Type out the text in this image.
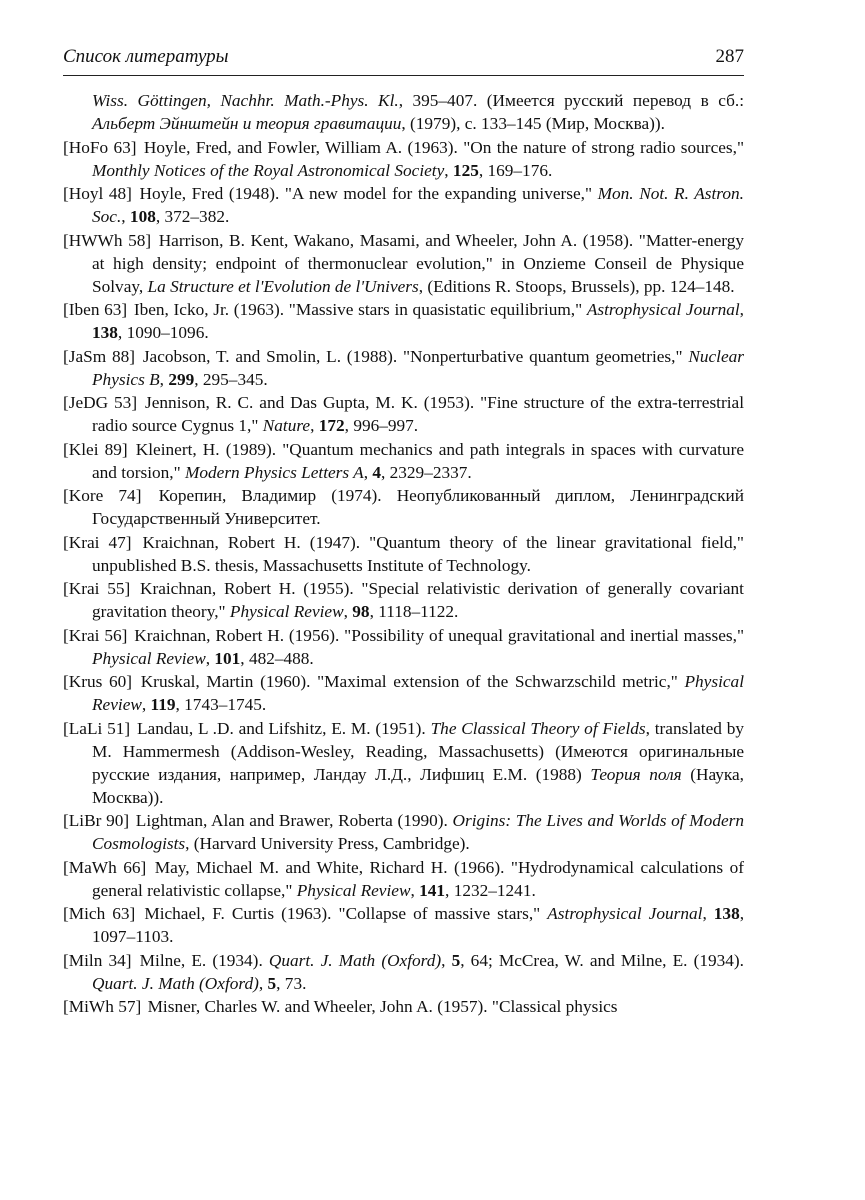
Список литературы	287

Wiss. Göttingen, Nachhr. Math.-Phys. Kl., 395–407. (Имеется русский перевод в сб.: Альберт Эйнштейн и теория гравитации, (1979), с. 133–145 (Мир, Москва)).

[HoFo 63] Hoyle, Fred, and Fowler, William A. (1963). "On the nature of strong radio sources," Monthly Notices of the Royal Astronomical Society, 125, 169–176.

[Hoyl 48] Hoyle, Fred (1948). "A new model for the expanding universe," Mon. Not. R. Astron. Soc., 108, 372–382.

[HWWh 58] Harrison, B. Kent, Wakano, Masami, and Wheeler, John A. (1958). "Matter-energy at high density; endpoint of thermonuclear evolution," in Onzieme Conseil de Physique Solvay, La Structure et l'Evolution de l'Univers, (Editions R. Stoops, Brussels), pp. 124–148.

[Iben 63] Iben, Icko, Jr. (1963). "Massive stars in quasistatic equilibrium," Astrophysical Journal, 138, 1090–1096.

[JaSm 88] Jacobson, T. and Smolin, L. (1988). "Nonperturbative quantum geometries," Nuclear Physics B, 299, 295–345.

[JeDG 53] Jennison, R. C. and Das Gupta, M. K. (1953). "Fine structure of the extra-terrestrial radio source Cygnus 1," Nature, 172, 996–997.

[Klei 89] Kleinert, H. (1989). "Quantum mechanics and path integrals in spaces with curvature and torsion," Modern Physics Letters A, 4, 2329–2337.

[Kore 74] Корепин, Владимир (1974). Неопубликованный диплом, Ленинградский Государственный Университет.

[Krai 47] Kraichnan, Robert H. (1947). "Quantum theory of the linear gravitational field," unpublished B.S. thesis, Massachusetts Institute of Technology.

[Krai 55] Kraichnan, Robert H. (1955). "Special relativistic derivation of generally covariant gravitation theory," Physical Review, 98, 1118–1122.

[Krai 56] Kraichnan, Robert H. (1956). "Possibility of unequal gravitational and inertial masses," Physical Review, 101, 482–488.

[Krus 60] Kruskal, Martin (1960). "Maximal extension of the Schwarzschild metric," Physical Review, 119, 1743–1745.

[LaLi 51] Landau, L .D. and Lifshitz, E. M. (1951). The Classical Theory of Fields, translated by M. Hammermesh (Addison-Wesley, Reading, Massachusetts) (Имеются оригинальные русские издания, например, Ландау Л.Д., Лифшиц Е.М. (1988) Теория поля (Наука, Москва)).

[LiBr 90] Lightman, Alan and Brawer, Roberta (1990). Origins: The Lives and Worlds of Modern Cosmologists, (Harvard University Press, Cambridge).

[MaWh 66] May, Michael M. and White, Richard H. (1966). "Hydrodynamical calculations of general relativistic collapse," Physical Review, 141, 1232–1241.

[Mich 63] Michael, F. Curtis (1963). "Collapse of massive stars," Astrophysical Journal, 138, 1097–1103.

[Miln 34] Milne, E. (1934). Quart. J. Math (Oxford), 5, 64; McCrea, W. and Milne, E. (1934). Quart. J. Math (Oxford), 5, 73.

[MiWh 57] Misner, Charles W. and Wheeler, John A. (1957). "Classical physics
